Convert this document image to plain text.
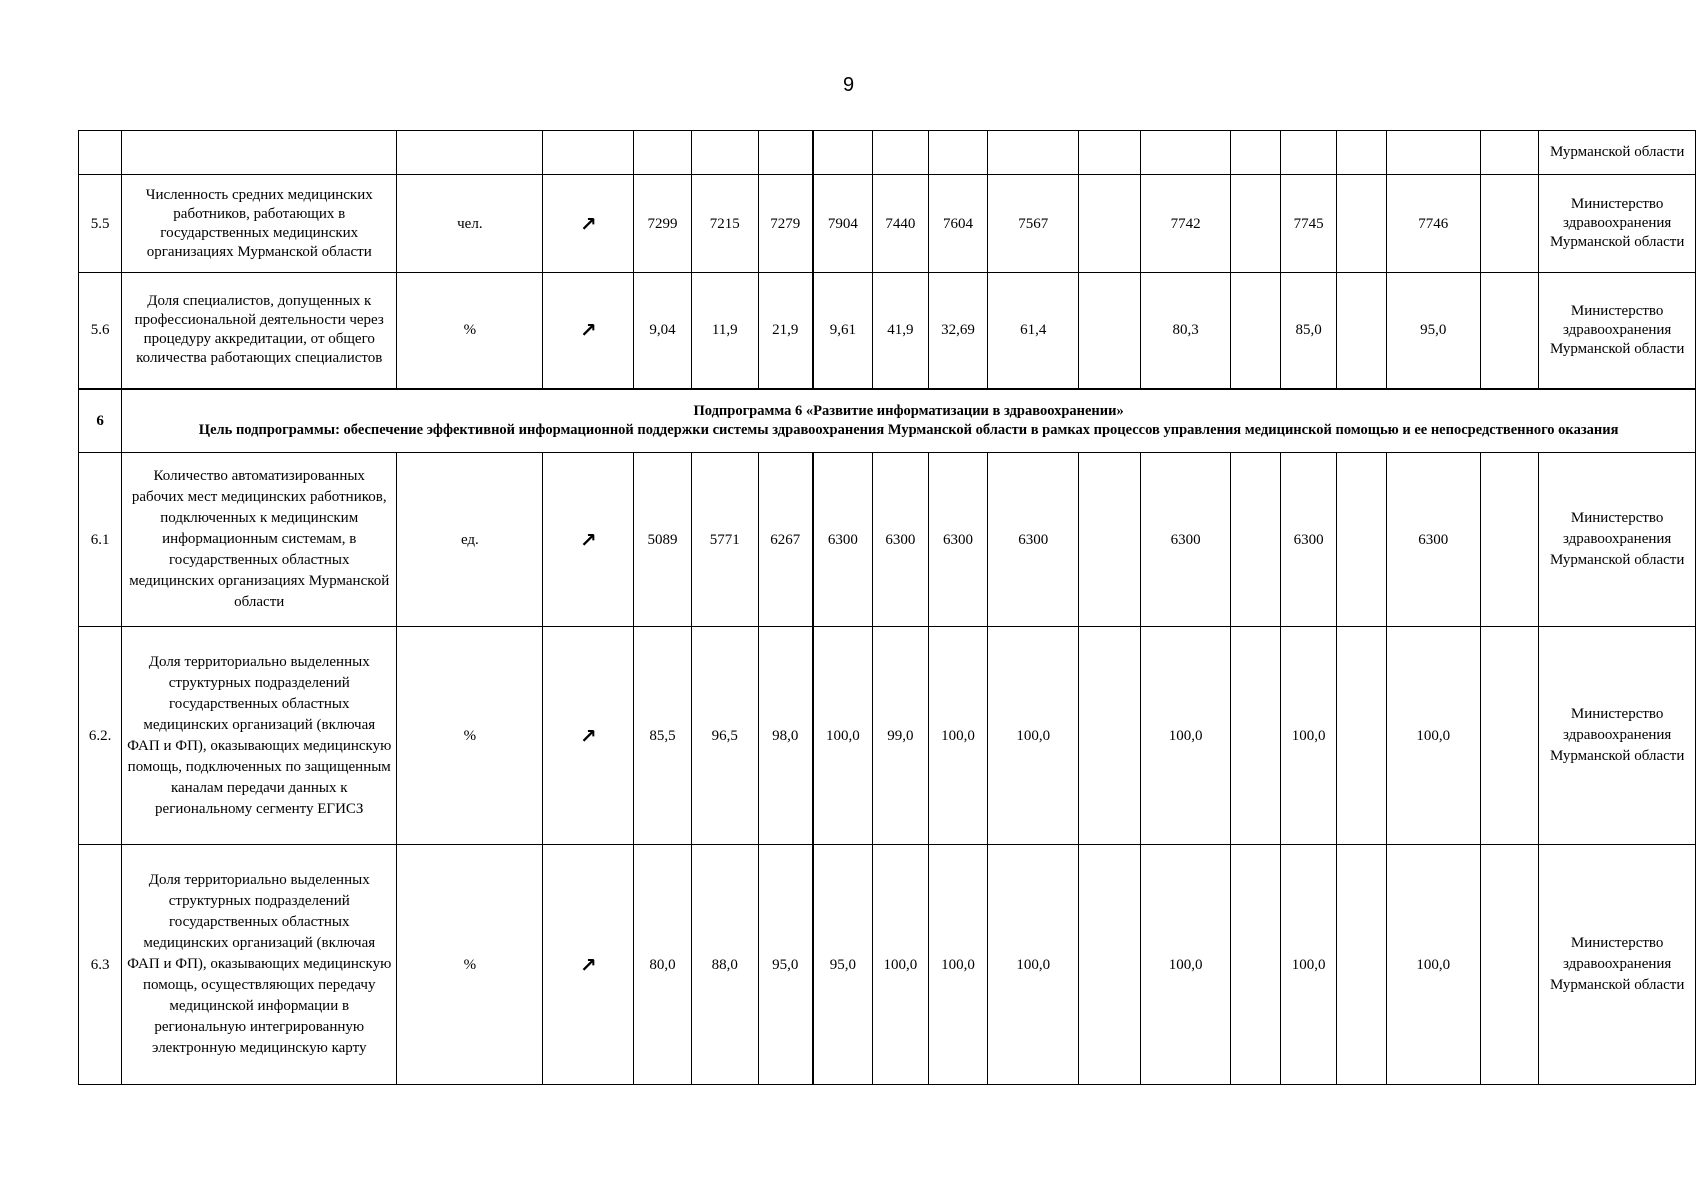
9
																		Мурманской области
5.5	Численность средних медицинских работников, работающих в государственных медицинских организациях Мурманской области	чел.	↗	7299	7215	7279	7904	7440	7604	7567		7742		7745		7746		Министерство здравоохранения Мурманской области
5.6	Доля специалистов, допущенных к профессиональной деятельности через процедуру аккредитации, от общего количества работающих специалистов	%	↗	9,04	11,9	21,9	9,61	41,9	32,69	61,4		80,3		85,0		95,0		Министерство здравоохранения Мурманской области
6	Подпрограмма 6 «Развитие информатизации в здравоохранении»
Цель подпрограммы: обеспечение эффективной информационной поддержки системы здравоохранения Мурманской области в рамках процессов управления медицинской помощью и ее непосредственного оказания																	

6.1	Количество автоматизированных рабочих мест медицинских работников, подключенных к медицинским информационным системам, в государственных областных медицинских организациях Мурманской области	ед.	↗	5089	5771	6267	6300	6300	6300	6300		6300		6300		6300		Министерство здравоохранения Мурманской области
6.2.	Доля территориально выделенных структурных подразделений государственных областных медицинских организаций (включая ФАП и ФП), оказывающих медицинскую помощь, подключенных по защищенным каналам передачи данных к региональному сегменту ЕГИСЗ	%	↗	85,5	96,5	98,0	100,0	99,0	100,0	100,0		100,0		100,0		100,0		Министерство здравоохранения Мурманской области
6.3	Доля территориально выделенных структурных подразделений государственных областных медицинских организаций (включая ФАП и ФП), оказывающих медицинскую помощь, осуществляющих передачу медицинской информации в региональную интегрированную электронную медицинскую карту	%	↗	80,0	88,0	95,0	95,0	100,0	100,0	100,0		100,0		100,0		100,0		Министерство здравоохранения Мурманской области
